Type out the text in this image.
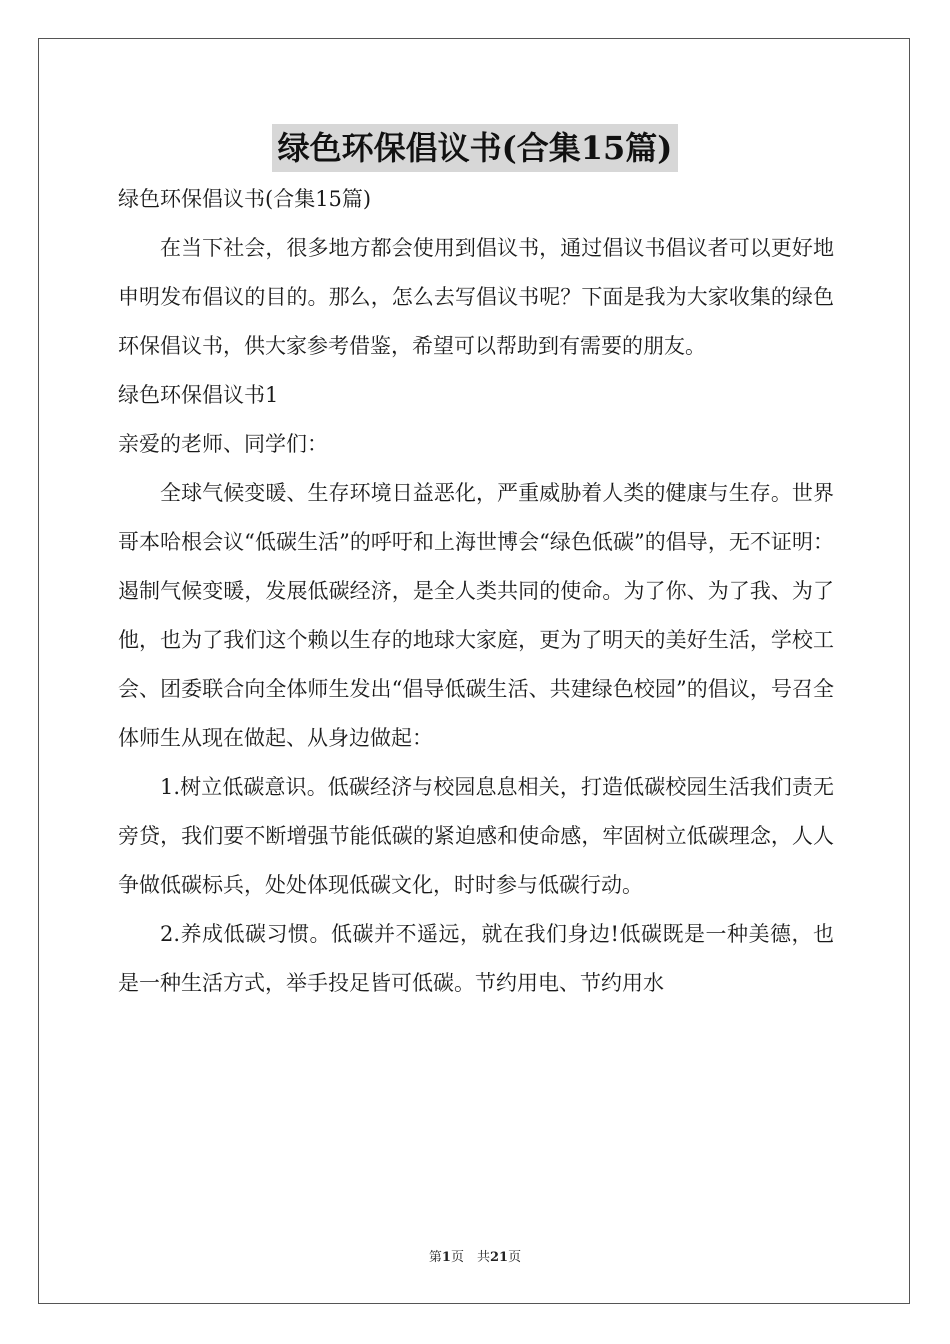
绿色环保倡议书(合集15篇)

绿色环保倡议书(合集15篇)

在当下社会，很多地方都会使用到倡议书，通过倡议书倡议者可以更好地申明发布倡议的目的。那么，怎么去写倡议书呢？下面是我为大家收集的绿色环保倡议书，供大家参考借鉴，希望可以帮助到有需要的朋友。

绿色环保倡议书1

亲爱的老师、同学们：

全球气候变暖、生存环境日益恶化，严重威胁着人类的健康与生存。世界哥本哈根会议“低碳生活”的呼吁和上海世博会“绿色低碳”的倡导，无不证明：遏制气候变暖，发展低碳经济，是全人类共同的使命。为了你、为了我、为了他，也为了我们这个赖以生存的地球大家庭，更为了明天的美好生活，学校工会、团委联合向全体师生发出“倡导低碳生活、共建绿色校园”的倡议，号召全体师生从现在做起、从身边做起：

1.树立低碳意识。低碳经济与校园息息相关，打造低碳校园生活我们责无旁贷，我们要不断增强节能低碳的紧迫感和使命感，牢固树立低碳理念，人人争做低碳标兵，处处体现低碳文化，时时参与低碳行动。

2.养成低碳习惯。低碳并不遥远，就在我们身边!低碳既是一种美德，也是一种生活方式，举手投足皆可低碳。节约用电、节约用水

第1页　共21页
